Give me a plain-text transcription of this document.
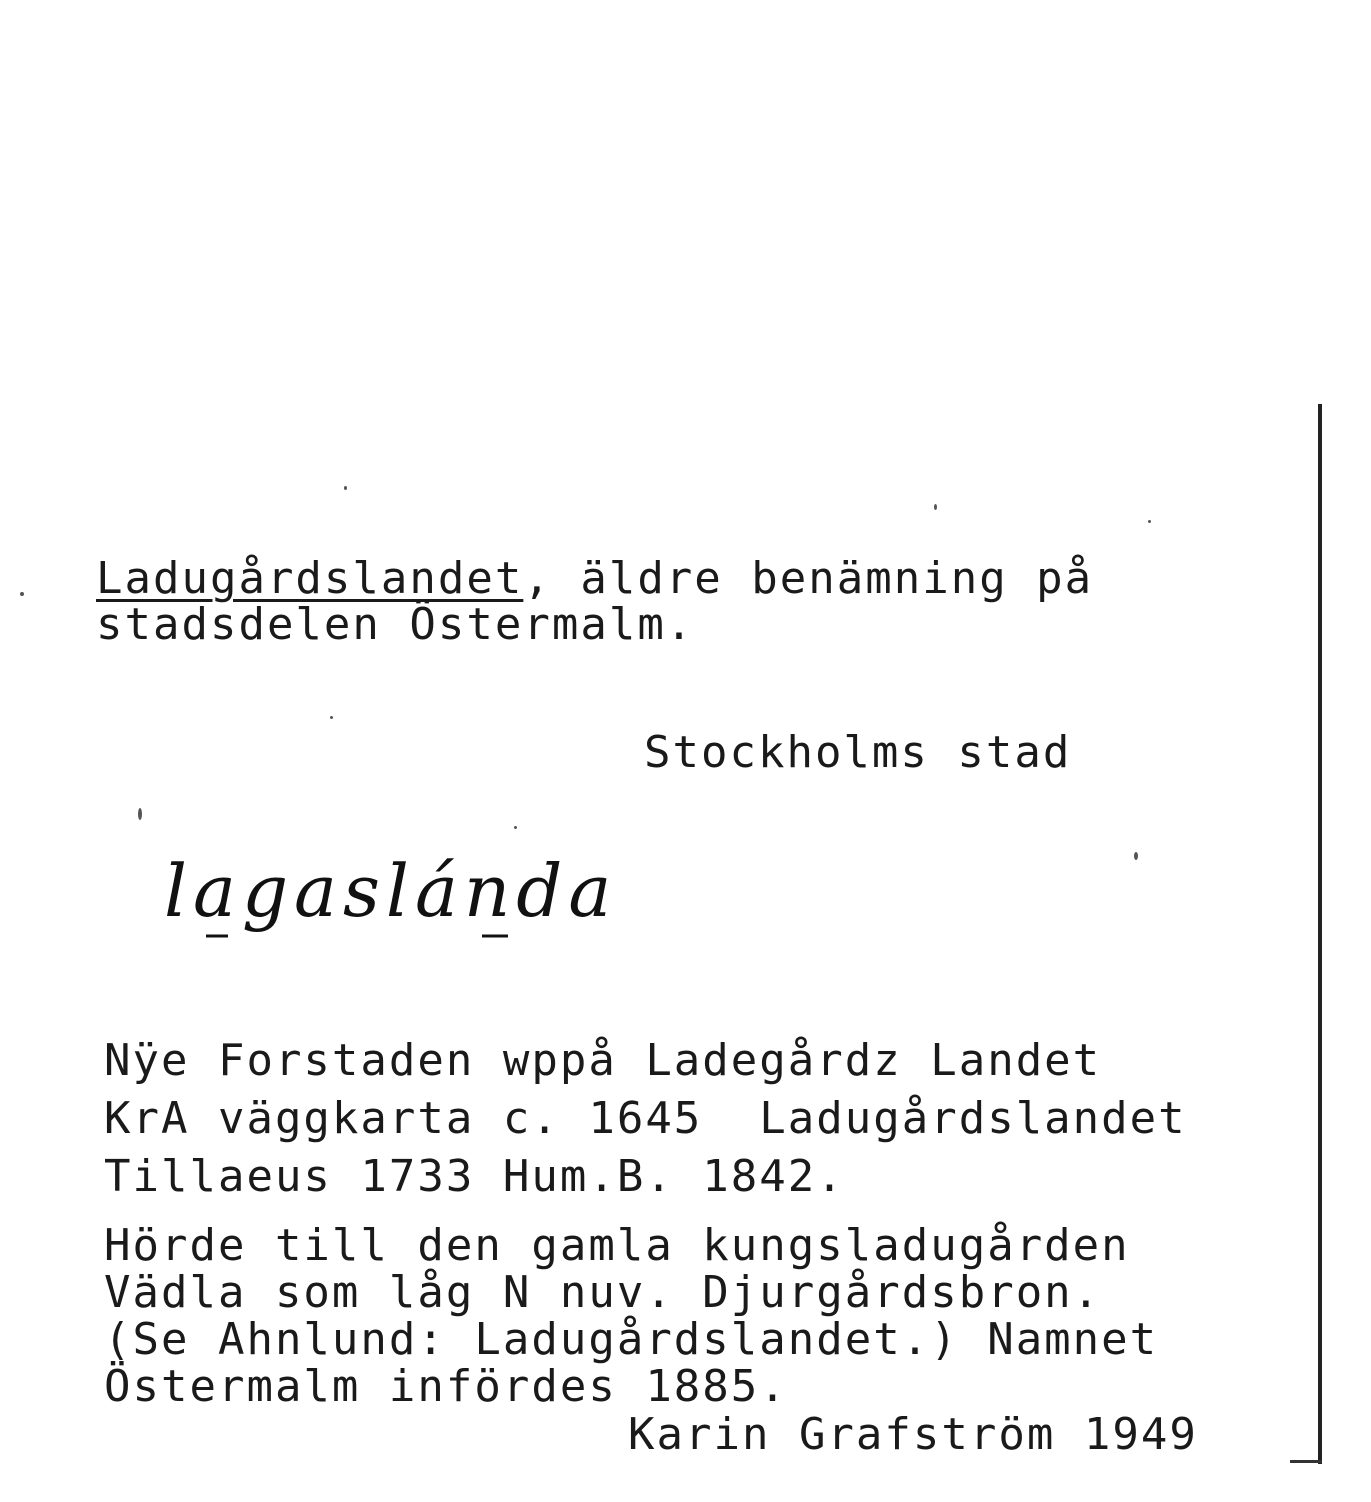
Ladugårdslandet, äldre benämning på
stadsdelen Östermalm.

Stockholms stad

lagaslánda

Nÿe Forstaden wppå Ladegårdz Landet
KrA väggkarta c. 1645  Ladugårdslandet
Tillaeus 1733 Hum.B. 1842.

Hörde till den gamla kungsladugården
Vädla som låg N nuv. Djurgårdsbron.
(Se Ahnlund: Ladugårdslandet.) Namnet
Östermalm infördes 1885.

Karin Grafström 1949
